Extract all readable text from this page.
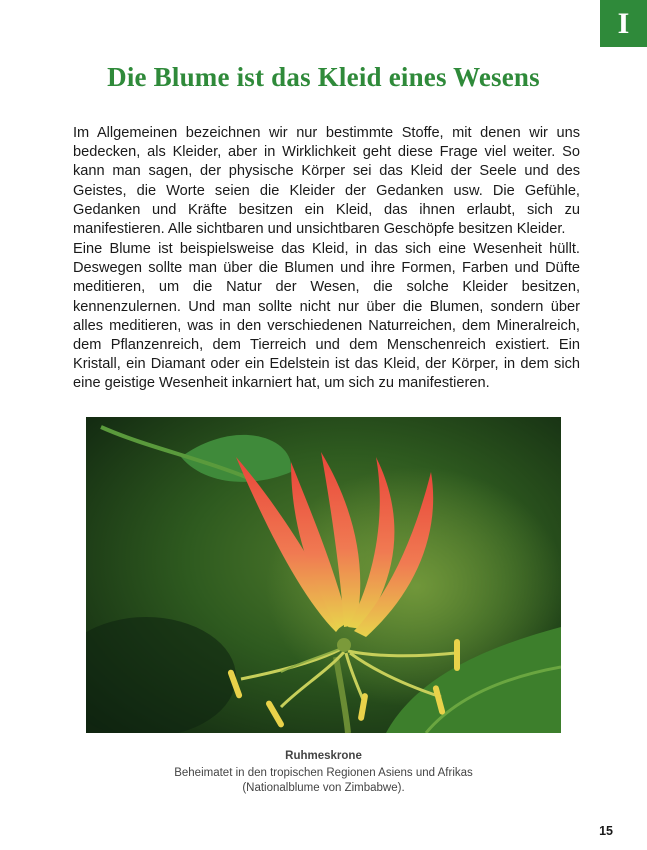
I
Die Blume ist das Kleid eines Wesens

Im Allgemeinen bezeichnen wir nur bestimmte Stoffe, mit denen wir uns bedecken, als Kleider, aber in Wirklichkeit geht diese Frage viel weiter. So kann man sagen, der physische Körper sei das Kleid der Seele und des Geistes, die Worte seien die Kleider der Gedanken usw. Die Gefühle, Gedanken und Kräfte besitzen ein Kleid, das ihnen erlaubt, sich zu manifestieren. Alle sichtbaren und unsichtbaren Geschöpfe besitzen Kleider.

Eine Blume ist beispielsweise das Kleid, in das sich eine Wesenheit hüllt. Deswegen sollte man über die Blumen und ihre Formen, Farben und Düfte meditieren, um die Natur der Wesen, die solche Kleider besitzen, kennenzulernen. Und man sollte nicht nur über die Blumen, sondern über alles meditieren, was in den verschiedenen Naturreichen, dem Mineralreich, dem Pflanzenreich, dem Tierreich und dem Menschenreich existiert. Ein Kristall, ein Diamant oder ein Edelstein ist das Kleid, der Körper, in dem sich eine geistige Wesenheit inkarniert hat, um sich zu manifestieren.

Ruhmeskrone

Beheimatet in den tropischen Regionen Asiens und Afrikas

(Nationalblume von Zimbabwe).

15
